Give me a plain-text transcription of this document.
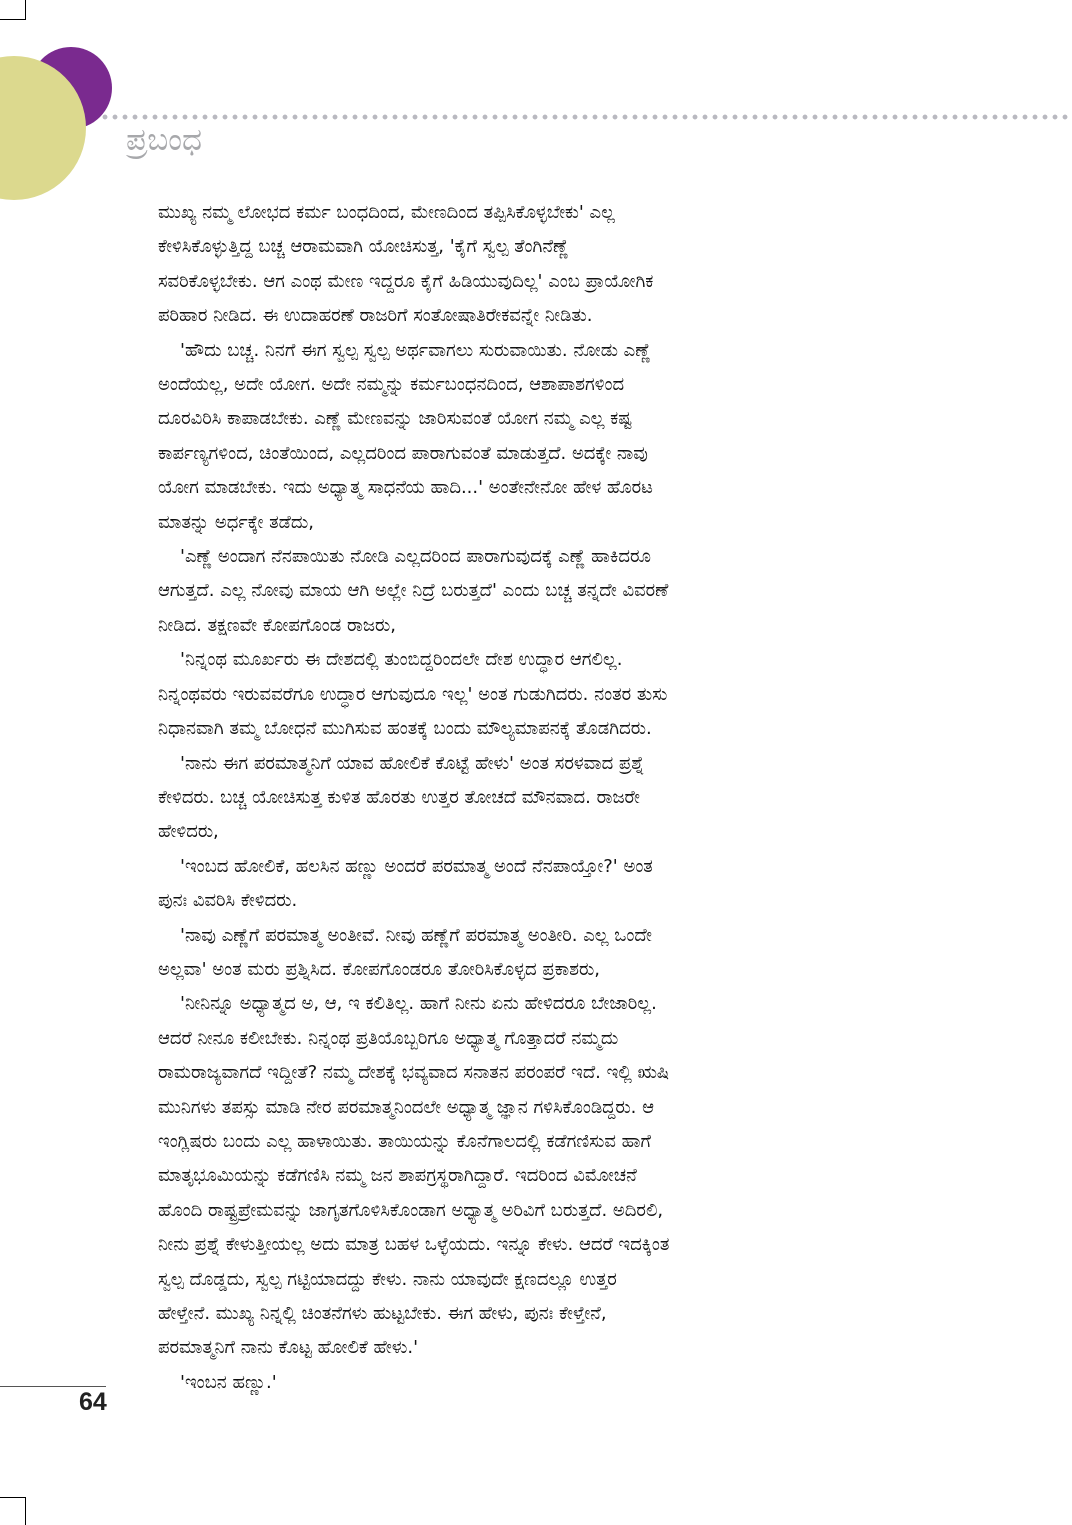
ಪ್ರಬಂಧ

ಮುಖ್ಯ ನಮ್ಮ ಲೋಭದ ಕರ್ಮ ಬಂಧದಿಂದ, ಮೇಣದಿಂದ ತಪ್ಪಿಸಿಕೊಳ್ಳಬೇಕು' ಎಲ್ಲ

ಕೇಳಿಸಿಕೊಳ್ಳುತ್ತಿದ್ದ ಬಚ್ಚ ಆರಾಮವಾಗಿ ಯೋಚಿಸುತ್ತ, 'ಕೈಗೆ ಸ್ವಲ್ಪ ತೆಂಗಿನೆಣ್ಣೆ

ಸವರಿಕೊಳ್ಳಬೇಕು. ಆಗ ಎಂಥ ಮೇಣ ಇದ್ದರೂ ಕೈಗೆ ಹಿಡಿಯುವುದಿಲ್ಲ' ಎಂಬ ಪ್ರಾಯೋಗಿಕ

ಪರಿಹಾರ ನೀಡಿದ. ಈ ಉದಾಹರಣೆ ರಾಜರಿಗೆ ಸಂತೋಷಾತಿರೇಕವನ್ನೇ ನೀಡಿತು.

'ಹೌದು ಬಚ್ಚ. ನಿನಗೆ ಈಗ ಸ್ವಲ್ಪ ಸ್ವಲ್ಪ ಅರ್ಥವಾಗಲು ಸುರುವಾಯಿತು. ನೋಡು ಎಣ್ಣೆ

ಅಂದೆಯಲ್ಲ, ಅದೇ ಯೋಗ. ಅದೇ ನಮ್ಮನ್ನು ಕರ್ಮಬಂಧನದಿಂದ, ಆಶಾಪಾಶಗಳಿಂದ

ದೂರವಿರಿಸಿ ಕಾಪಾಡಬೇಕು. ಎಣ್ಣೆ ಮೇಣವನ್ನು ಜಾರಿಸುವಂತೆ ಯೋಗ ನಮ್ಮ ಎಲ್ಲ ಕಷ್ಟ

ಕಾರ್ಪಣ್ಯಗಳಿಂದ, ಚಿಂತೆಯಿಂದ, ಎಲ್ಲದರಿಂದ ಪಾರಾಗುವಂತೆ ಮಾಡುತ್ತದೆ. ಅದಕ್ಕೇ ನಾವು

ಯೋಗ ಮಾಡಬೇಕು. ಇದು ಅಧ್ಯಾತ್ಮ ಸಾಧನೆಯ ಹಾದಿ...' ಅಂತೇನೇನೋ ಹೇಳ ಹೊರಟ

ಮಾತನ್ನು ಅರ್ಧಕ್ಕೇ ತಡೆದು,

'ಎಣ್ಣೆ ಅಂದಾಗ ನೆನಪಾಯಿತು ನೋಡಿ ಎಲ್ಲದರಿಂದ ಪಾರಾಗುವುದಕ್ಕೆ ಎಣ್ಣೆ ಹಾಕಿದರೂ

ಆಗುತ್ತದೆ. ಎಲ್ಲ ನೋವು ಮಾಯ ಆಗಿ ಅಲ್ಲೇ ನಿದ್ರೆ ಬರುತ್ತದೆ' ಎಂದು ಬಚ್ಚ ತನ್ನದೇ ವಿವರಣೆ

ನೀಡಿದ. ತಕ್ಷಣವೇ ಕೋಪಗೊಂಡ ರಾಜರು,

'ನಿನ್ನಂಥ ಮೂರ್ಖರು ಈ ದೇಶದಲ್ಲಿ ತುಂಬಿದ್ದರಿಂದಲೇ ದೇಶ ಉದ್ಧಾರ ಆಗಲಿಲ್ಲ.

ನಿನ್ನಂಥವರು ಇರುವವರೆಗೂ ಉದ್ಧಾರ ಆಗುವುದೂ ಇಲ್ಲ' ಅಂತ ಗುಡುಗಿದರು. ನಂತರ ತುಸು

ನಿಧಾನವಾಗಿ ತಮ್ಮ ಬೋಧನೆ ಮುಗಿಸುವ ಹಂತಕ್ಕೆ ಬಂದು ಮೌಲ್ಯಮಾಪನಕ್ಕೆ ತೊಡಗಿದರು.

'ನಾನು ಈಗ ಪರಮಾತ್ಮನಿಗೆ ಯಾವ ಹೋಲಿಕೆ ಕೊಟ್ಟೆ ಹೇಳು' ಅಂತ ಸರಳವಾದ ಪ್ರಶ್ನೆ

ಕೇಳಿದರು. ಬಚ್ಚ ಯೋಚಿಸುತ್ತ ಕುಳಿತ ಹೊರತು ಉತ್ತರ ತೋಚದೆ ಮೌನವಾದ. ರಾಜರೇ

ಹೇಳಿದರು,

'ಇಂಬದ ಹೋಲಿಕೆ, ಹಲಸಿನ ಹಣ್ಣು ಅಂದರೆ ಪರಮಾತ್ಮ ಅಂದೆ ನೆನಪಾಯ್ತೋ?' ಅಂತ

ಪುನಃ ವಿವರಿಸಿ ಕೇಳಿದರು.

'ನಾವು ಎಣ್ಣೆಗೆ ಪರಮಾತ್ಮ ಅಂತೀವೆ. ನೀವು ಹಣ್ಣೆಗೆ ಪರಮಾತ್ಮ ಅಂತೀರಿ. ಎಲ್ಲ ಒಂದೇ

ಅಲ್ಲವಾ' ಅಂತ ಮರು ಪ್ರಶ್ನಿಸಿದ. ಕೋಪಗೊಂಡರೂ ತೋರಿಸಿಕೊಳ್ಳದ ಪ್ರಕಾಶರು,

'ನೀನಿನ್ನೂ ಅಧ್ಯಾತ್ಮದ ಅ, ಆ, ಇ ಕಲಿತಿಲ್ಲ. ಹಾಗೆ ನೀನು ಏನು ಹೇಳಿದರೂ ಬೇಜಾರಿಲ್ಲ.

ಆದರೆ ನೀನೂ ಕಲೀಬೇಕು. ನಿನ್ನಂಥ ಪ್ರತಿಯೊಬ್ಬರಿಗೂ ಅಧ್ಯಾತ್ಮ ಗೊತ್ತಾದರೆ ನಮ್ಮದು

ರಾಮರಾಜ್ಯವಾಗದೆ ಇದ್ದೀತೆ? ನಮ್ಮ ದೇಶಕ್ಕೆ ಭವ್ಯವಾದ ಸನಾತನ ಪರಂಪರೆ ಇದೆ. ಇಲ್ಲಿ ಋಷಿ

ಮುನಿಗಳು ತಪಸ್ಸು ಮಾಡಿ ನೇರ ಪರಮಾತ್ಮನಿಂದಲೇ ಅಧ್ಯಾತ್ಮ ಜ್ಞಾನ ಗಳಿಸಿಕೊಂಡಿದ್ದರು. ಆ

ಇಂಗ್ಲಿಷರು ಬಂದು ಎಲ್ಲ ಹಾಳಾಯಿತು. ತಾಯಿಯನ್ನು ಕೊನೆಗಾಲದಲ್ಲಿ ಕಡೆಗಣಿಸುವ ಹಾಗೆ

ಮಾತೃಭೂಮಿಯನ್ನು ಕಡೆಗಣಿಸಿ ನಮ್ಮ ಜನ ಶಾಪಗ್ರಸ್ಥರಾಗಿದ್ದಾರೆ. ಇದರಿಂದ ವಿಮೋಚನೆ

ಹೊಂದಿ ರಾಷ್ಟ್ರಪ್ರೇಮವನ್ನು ಜಾಗೃತಗೊಳಿಸಿಕೊಂಡಾಗ ಅಧ್ಯಾತ್ಮ ಅರಿವಿಗೆ ಬರುತ್ತದೆ. ಅದಿರಲಿ,

ನೀನು ಪ್ರಶ್ನೆ ಕೇಳುತ್ತೀಯಲ್ಲ ಅದು ಮಾತ್ರ ಬಹಳ ಒಳ್ಳೆಯದು. ಇನ್ನೂ ಕೇಳು. ಆದರೆ ಇದಕ್ಕಿಂತ

ಸ್ವಲ್ಪ ದೊಡ್ಡದು, ಸ್ವಲ್ಪ ಗಟ್ಟಿಯಾದದ್ದು ಕೇಳು. ನಾನು ಯಾವುದೇ ಕ್ಷಣದಲ್ಲೂ ಉತ್ತರ

ಹೇಳ್ತೇನೆ. ಮುಖ್ಯ ನಿನ್ನಲ್ಲಿ ಚಿಂತನೆಗಳು ಹುಟ್ಟಬೇಕು. ಈಗ ಹೇಳು, ಪುನಃ ಕೇಳ್ತೇನೆ,

ಪರಮಾತ್ಮನಿಗೆ ನಾನು ಕೊಟ್ಟ ಹೋಲಿಕೆ ಹೇಳು.'

'ಇಂಬನ ಹಣ್ಣು.'

64
